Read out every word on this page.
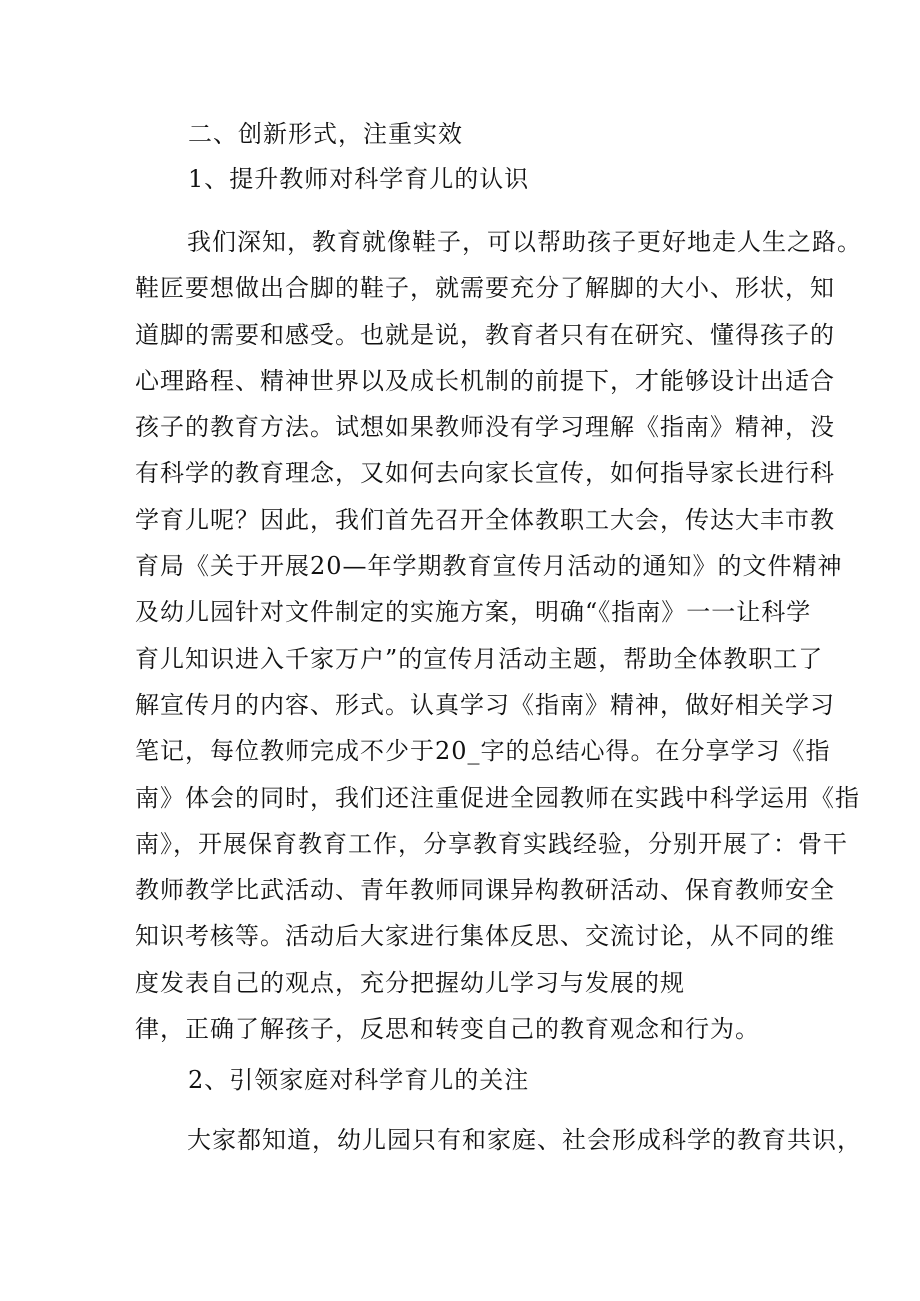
二、创新形式，注重实效
1、提升教师对科学育儿的认识
我们深知，教育就像鞋子，可以帮助孩子更好地走人生之路。
鞋匠要想做出合脚的鞋子，就需要充分了解脚的大小、形状，知
道脚的需要和感受。也就是说，教育者只有在研究、懂得孩子的
心理路程、精神世界以及成长机制的前提下，才能够设计出适合
孩子的教育方法。试想如果教师没有学习理解《指南》精神，没
有科学的教育理念，又如何去向家长宣传，如何指导家长进行科
学育儿呢？因此，我们首先召开全体教职工大会，传达大丰市教
育局《关于开展20—年学期教育宣传月活动的通知》的文件精神
及幼儿园针对文件制定的实施方案，明确“《指南》一一让科学
育儿知识进入千家万户”的宣传月活动主题，帮助全体教职工了
解宣传月的内容、形式。认真学习《指南》精神，做好相关学习
笔记，每位教师完成不少于20_字的总结心得。在分享学习《指
南》体会的同时，我们还注重促进全园教师在实践中科学运用《指
南》，开展保育教育工作，分享教育实践经验，分别开展了：骨干
教师教学比武活动、青年教师同课异构教研活动、保育教师安全
知识考核等。活动后大家进行集体反思、交流讨论，从不同的维
度发表自己的观点，充分把握幼儿学习与发展的规
律，正确了解孩子，反思和转变自己的教育观念和行为。
2、引领家庭对科学育儿的关注
大家都知道，幼儿园只有和家庭、社会形成科学的教育共识，
